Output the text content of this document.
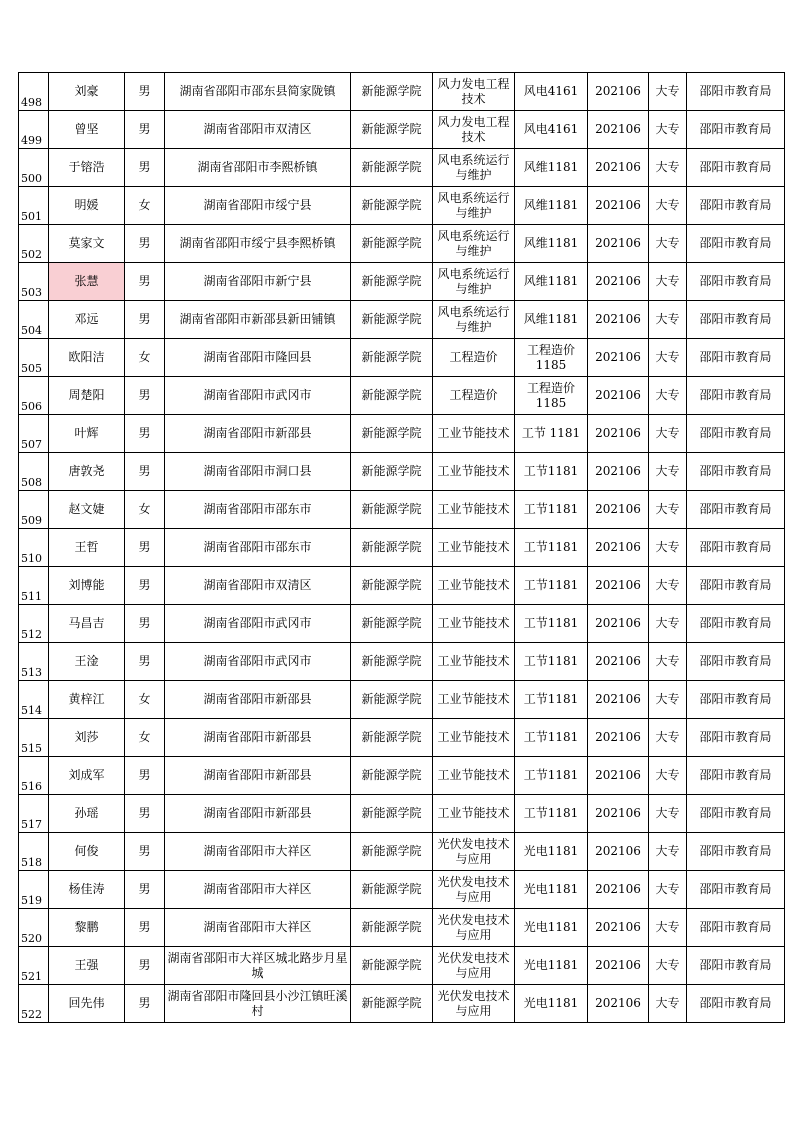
498	刘豪	男	湖南省邵阳市邵东县简家陇镇	新能源学院	风力发电工程技术	风电4161	202106	大专	邵阳市教育局
499	曾坚	男	湖南省邵阳市双清区	新能源学院	风力发电工程技术	风电4161	202106	大专	邵阳市教育局
500	于镕浩	男	湖南省邵阳市李熙桥镇	新能源学院	风电系统运行与维护	风维1181	202106	大专	邵阳市教育局
501	明媛	女	湖南省邵阳市绥宁县	新能源学院	风电系统运行与维护	风维1181	202106	大专	邵阳市教育局
502	莫家文	男	湖南省邵阳市绥宁县李熙桥镇	新能源学院	风电系统运行与维护	风维1181	202106	大专	邵阳市教育局
503	张慧	男	湖南省邵阳市新宁县	新能源学院	风电系统运行与维护	风维1181	202106	大专	邵阳市教育局
504	邓远	男	湖南省邵阳市新邵县新田铺镇	新能源学院	风电系统运行与维护	风维1181	202106	大专	邵阳市教育局
505	欧阳洁	女	湖南省邵阳市隆回县	新能源学院	工程造价	工程造价1185	202106	大专	邵阳市教育局
506	周楚阳	男	湖南省邵阳市武冈市	新能源学院	工程造价	工程造价1185	202106	大专	邵阳市教育局
507	叶辉	男	湖南省邵阳市新邵县	新能源学院	工业节能技术	工节 1181	202106	大专	邵阳市教育局
508	唐敦尧	男	湖南省邵阳市洞口县	新能源学院	工业节能技术	工节1181	202106	大专	邵阳市教育局
509	赵文婕	女	湖南省邵阳市邵东市	新能源学院	工业节能技术	工节1181	202106	大专	邵阳市教育局
510	王哲	男	湖南省邵阳市邵东市	新能源学院	工业节能技术	工节1181	202106	大专	邵阳市教育局
511	刘博能	男	湖南省邵阳市双清区	新能源学院	工业节能技术	工节1181	202106	大专	邵阳市教育局
512	马昌吉	男	湖南省邵阳市武冈市	新能源学院	工业节能技术	工节1181	202106	大专	邵阳市教育局
513	王淦	男	湖南省邵阳市武冈市	新能源学院	工业节能技术	工节1181	202106	大专	邵阳市教育局
514	黄梓江	女	湖南省邵阳市新邵县	新能源学院	工业节能技术	工节1181	202106	大专	邵阳市教育局
515	刘莎	女	湖南省邵阳市新邵县	新能源学院	工业节能技术	工节1181	202106	大专	邵阳市教育局
516	刘成军	男	湖南省邵阳市新邵县	新能源学院	工业节能技术	工节1181	202106	大专	邵阳市教育局
517	孙瑶	男	湖南省邵阳市新邵县	新能源学院	工业节能技术	工节1181	202106	大专	邵阳市教育局
518	何俊	男	湖南省邵阳市大祥区	新能源学院	光伏发电技术与应用	光电1181	202106	大专	邵阳市教育局
519	杨佳涛	男	湖南省邵阳市大祥区	新能源学院	光伏发电技术与应用	光电1181	202106	大专	邵阳市教育局
520	黎鹏	男	湖南省邵阳市大祥区	新能源学院	光伏发电技术与应用	光电1181	202106	大专	邵阳市教育局
521	王强	男	湖南省邵阳市大祥区城北路步月星城	新能源学院	光伏发电技术与应用	光电1181	202106	大专	邵阳市教育局
522	回先伟	男	湖南省邵阳市隆回县小沙江镇旺溪村	新能源学院	光伏发电技术与应用	光电1181	202106	大专	邵阳市教育局
